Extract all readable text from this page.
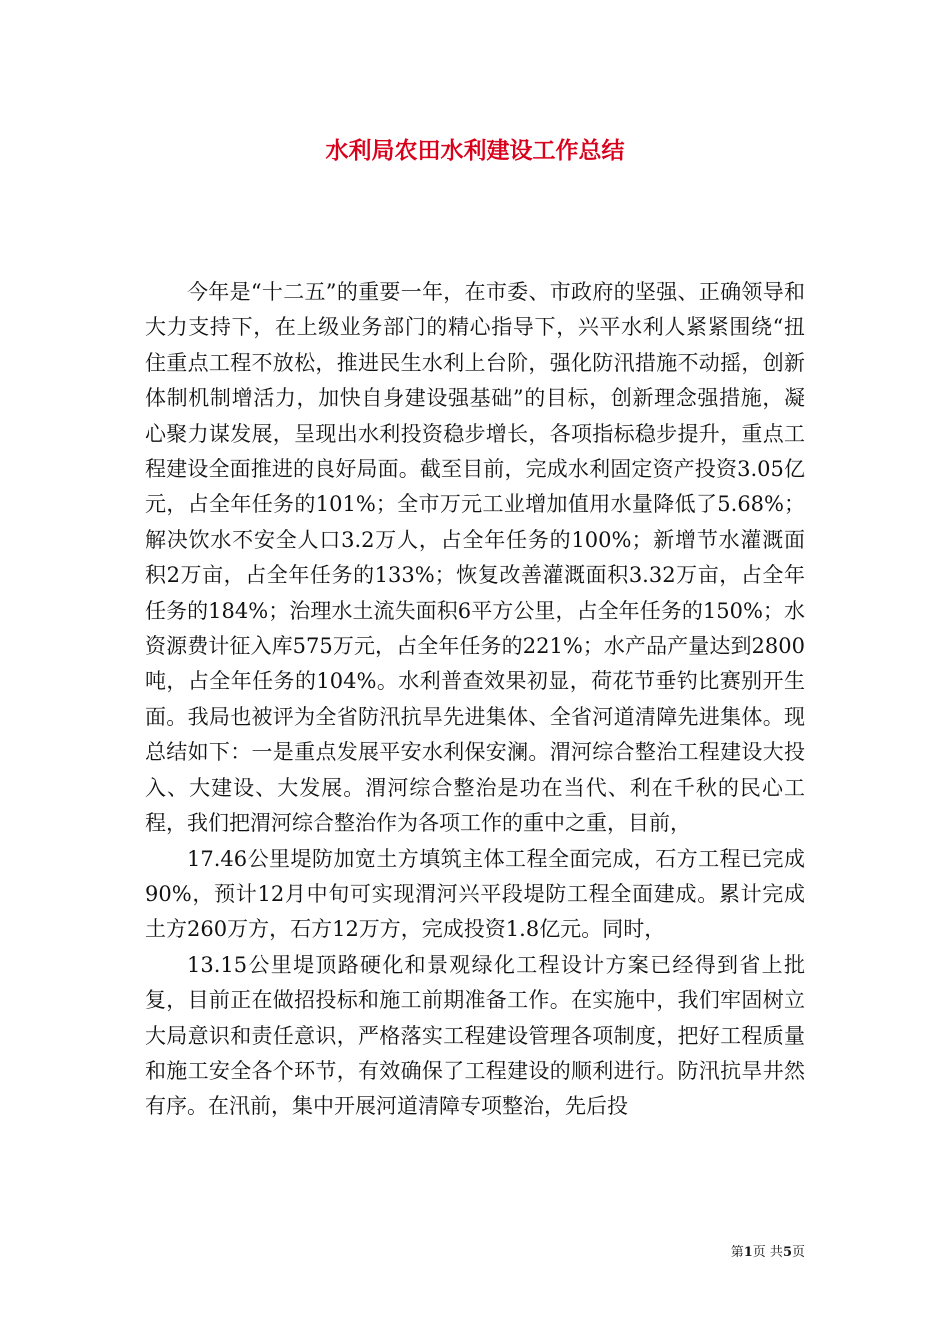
水利局农田水利建设工作总结

今年是“十二五”的重要一年，在市委、市政府的坚强、正确领导和大力支持下，在上级业务部门的精心指导下，兴平水利人紧紧围绕“扭住重点工程不放松，推进民生水利上台阶，强化防汛措施不动摇，创新体制机制增活力，加快自身建设强基础”的目标，创新理念强措施，凝心聚力谋发展，呈现出水利投资稳步增长，各项指标稳步提升，重点工程建设全面推进的良好局面。截至目前，完成水利固定资产投资3.05亿元，占全年任务的101%；全市万元工业增加值用水量降低了5.68%；解决饮水不安全人口3.2万人，占全年任务的100%；新增节水灌溉面积2万亩，占全年任务的133%；恢复改善灌溉面积3.32万亩，占全年任务的184%；治理水土流失面积6平方公里，占全年任务的150%；水资源费计征入库575万元，占全年任务的221%；水产品产量达到2800吨，占全年任务的104%。水利普查效果初显，荷花节垂钓比赛别开生面。我局也被评为全省防汛抗旱先进集体、全省河道清障先进集体。现总结如下：一是重点发展平安水利保安澜。渭河综合整治工程建设大投入、大建设、大发展。渭河综合整治是功在当代、利在千秋的民心工程，我们把渭河综合整治作为各项工作的重中之重，目前，

17.46公里堤防加宽土方填筑主体工程全面完成，石方工程已完成90%，预计12月中旬可实现渭河兴平段堤防工程全面建成。累计完成土方260万方，石方12万方，完成投资1.8亿元。同时，

13.15公里堤顶路硬化和景观绿化工程设计方案已经得到省上批复，目前正在做招投标和施工前期准备工作。在实施中，我们牢固树立大局意识和责任意识，严格落实工程建设管理各项制度，把好工程质量和施工安全各个环节，有效确保了工程建设的顺利进行。防汛抗旱井然有序。在汛前，集中开展河道清障专项整治，先后投

第1页 共5页
